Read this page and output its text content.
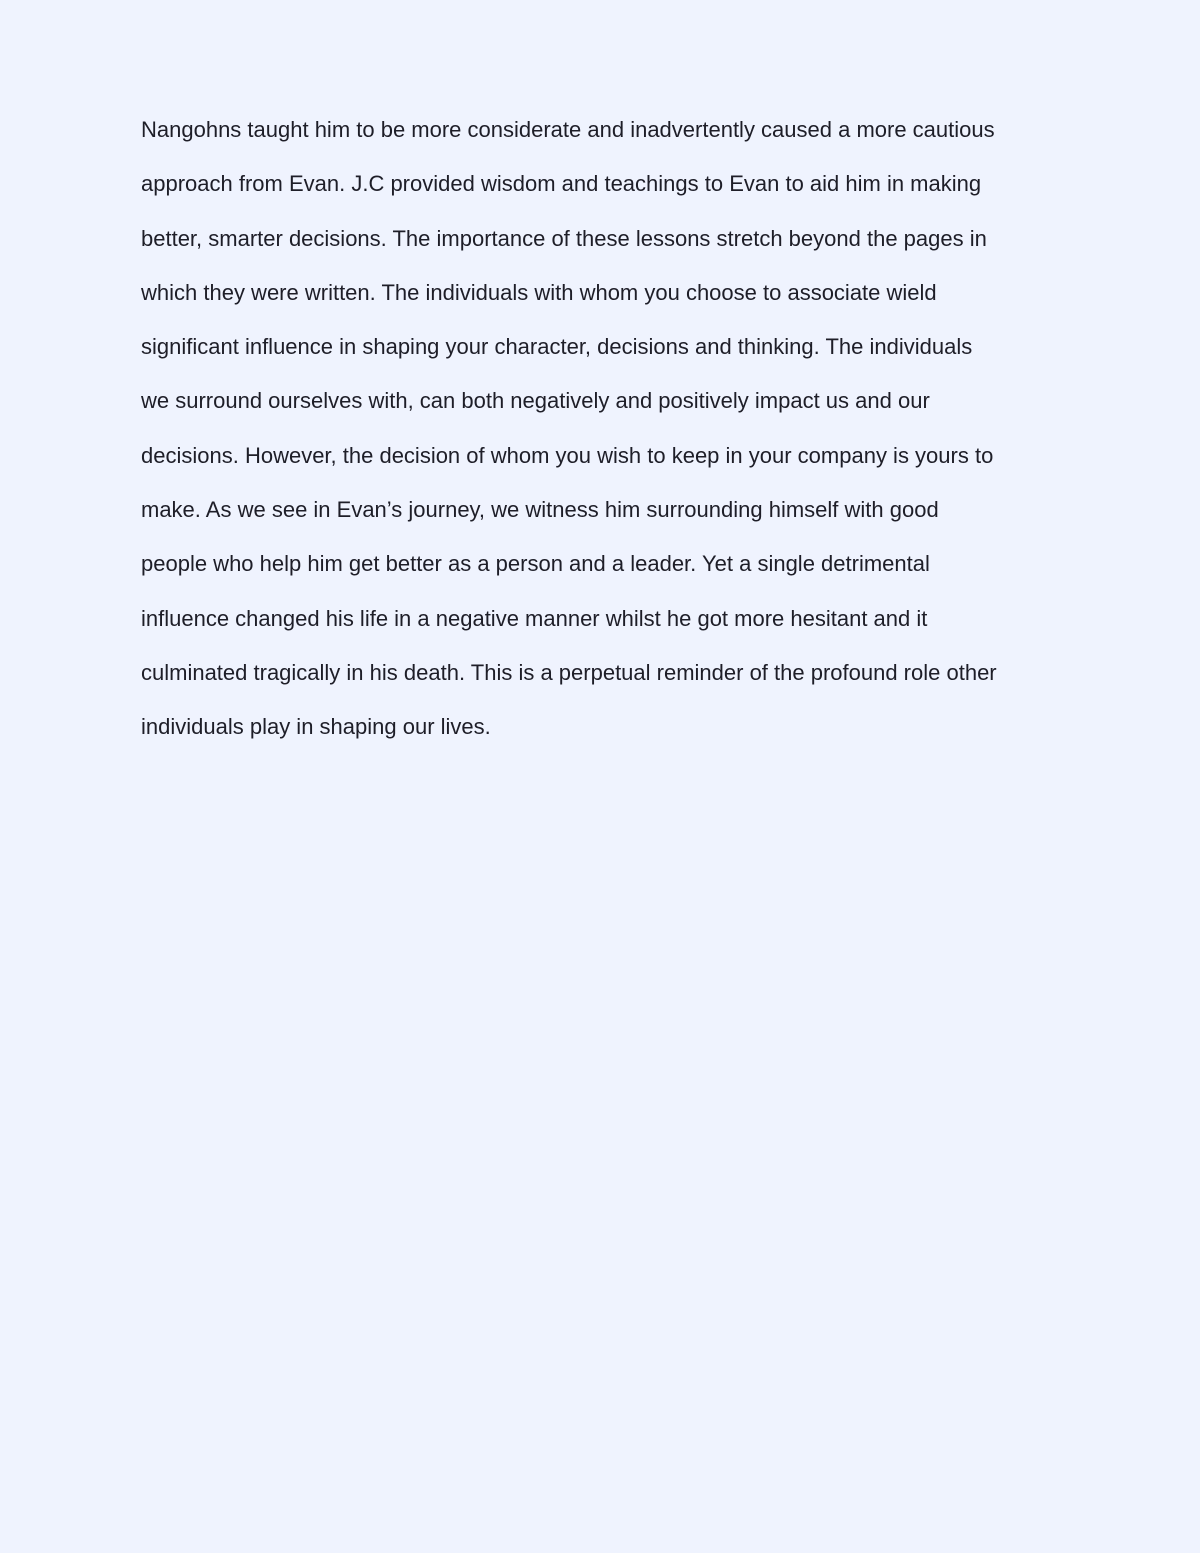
Nangohns taught him to be more considerate and inadvertently caused a more cautious
approach from Evan. J.C provided wisdom and teachings to Evan to aid him in making
better, smarter decisions. The importance of these lessons stretch beyond the pages in
which they were written. The individuals with whom you choose to associate wield
significant influence in shaping your character, decisions and thinking. The individuals
we surround ourselves with, can both negatively and positively impact us and our
decisions. However, the decision of whom you wish to keep in your company is yours to
make. As we see in Evan’s journey, we witness him surrounding himself with good
people who help him get better as a person and a leader. Yet a single detrimental
influence changed his life in a negative manner whilst he got more hesitant and it
culminated tragically in his death. This is a perpetual reminder of the profound role other
individuals play in shaping our lives.
